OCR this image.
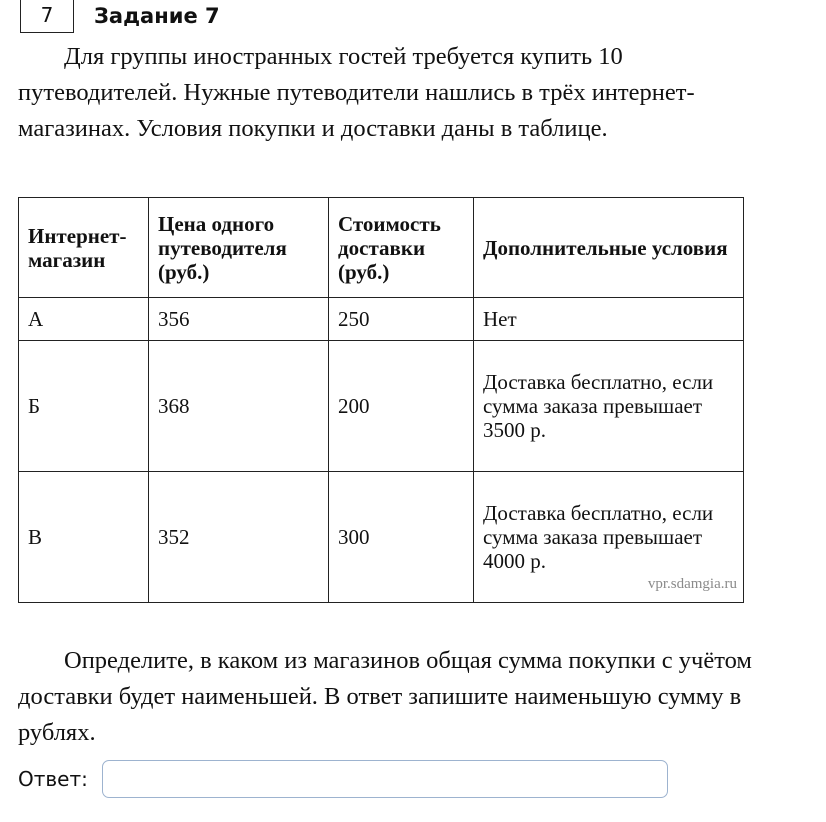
7	Задание 7

Для группы иностранных гостей требуется купить 10 путеводителей. Нужные путеводители нашлись в трёх интернет-магазинах. Условия покупки и доставки даны в таблице.

Интернет-магазин	Цена одного путеводителя (руб.)	Стоимость доставки (руб.)	Дополнительные условия
А	356	250	Нет
Б	368	200	Доставка бесплатно, если сумма заказа превышает 3500 р.
В	352	300	Доставка бесплатно, если сумма заказа превышает 4000 р.
vpr.sdamgia.ru

Определите, в каком из магазинов общая сумма покупки с учётом доставки будет наименьшей. В ответ запишите наименьшую сумму в рублях.

Ответ:
